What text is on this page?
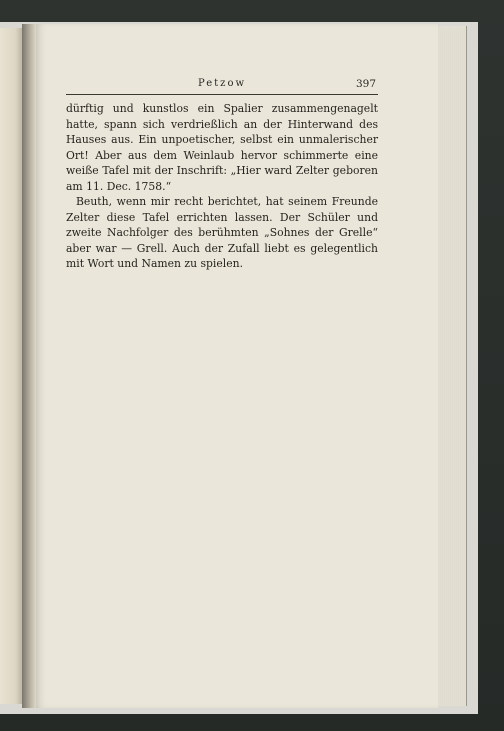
Petzow	397

dürftig und kunstlos ein Spalier zusammengenagelt hatte, spann sich verdrießlich an der Hinterwand des Hauses aus. Ein unpoetischer, selbst ein unmalerischer Ort! Aber aus dem Weinlaub hervor schimmerte eine weiße Tafel mit der Inschrift: „Hier ward Zelter geboren am 11. Dec. 1758.“

Beuth, wenn mir recht berichtet, hat seinem Freunde Zelter diese Tafel errichten lassen. Der Schüler und zweite Nachfolger des berühmten „Sohnes der Grelle“ aber war — Grell. Auch der Zufall liebt es gelegentlich mit Wort und Namen zu spielen.
